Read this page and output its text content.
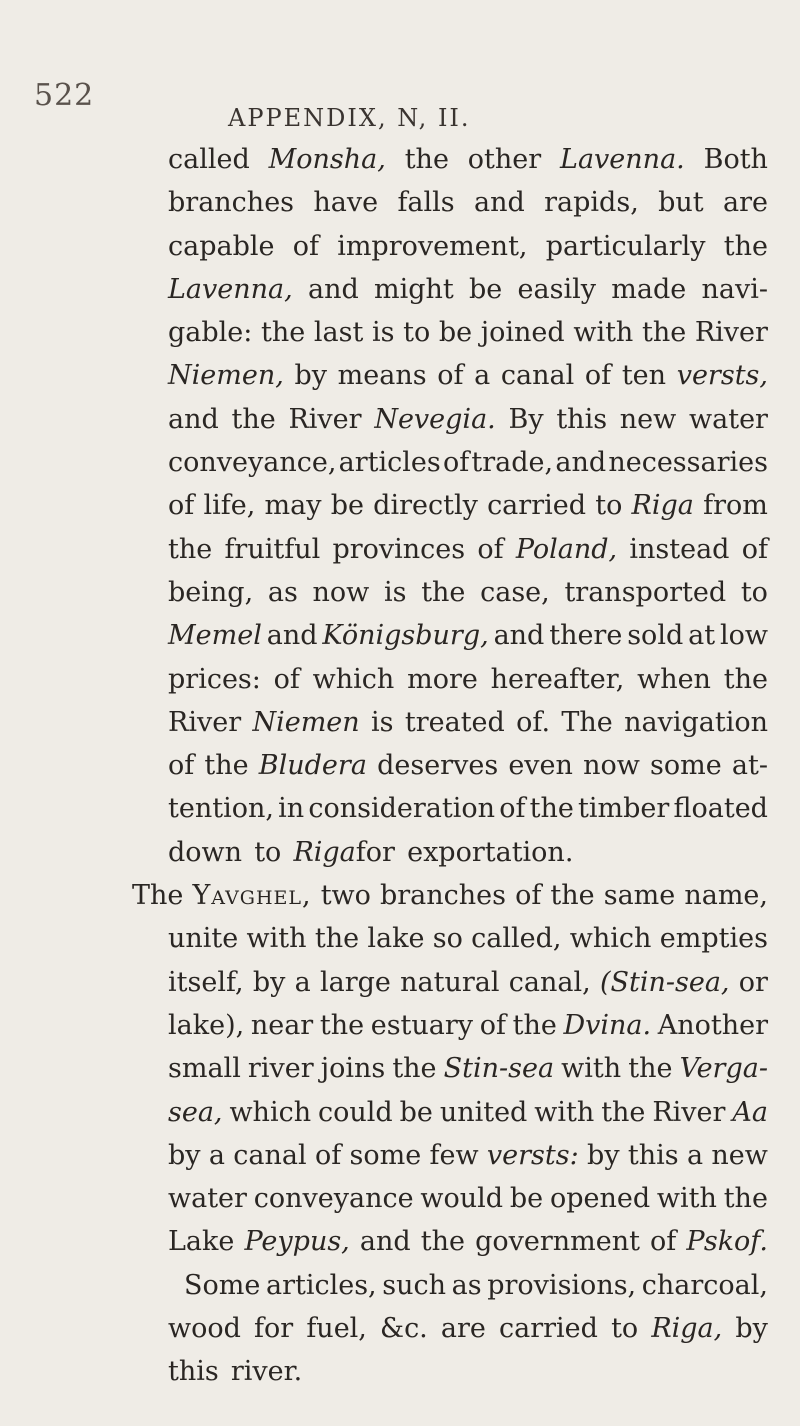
522
APPENDIX, N, II.
called Monsha, the other Lavenna. Both
branches have falls and rapids, but are
capable of improvement, particularly the
Lavenna, and might be easily made navi-
gable: the last is to be joined with the River
Niemen, by means of a canal of ten versts,
and the River Nevegia. By this new water
conveyance, articles of trade, and necessaries
of life, may be directly carried to Riga from
the fruitful provinces of Poland, instead of
being, as now is the case, transported to
Memel and Königsburg, and there sold at low
prices: of which more hereafter, when the
River Niemen is treated of. The navigation
of the Bludera deserves even now some at-
tention, in consideration of the timber floated
down to Riga for exportation.
The Yavghel, two branches of the same name,
unite with the lake so called, which empties
itself, by a large natural canal, (Stin-sea, or
lake), near the estuary of the Dvina. Another
small river joins the Stin-sea with the Verga-
sea, which could be united with the River Aa
by a canal of some few versts: by this a new
water conveyance would be opened with the
Lake Peypus, and the government of Pskof.
Some articles, such as provisions, charcoal,
wood for fuel, &c. are carried to Riga, by
this river.
